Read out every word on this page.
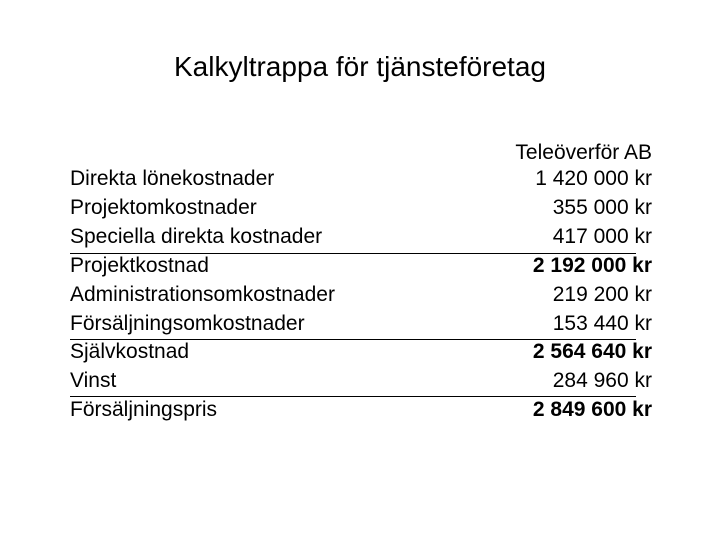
Kalkyltrappa för tjänsteföretag
Teleöverför AB
Direkta lönekostnader	1 420 000 kr
Projektomkostnader	355 000 kr
Speciella direkta kostnader	417 000 kr
Projektkostnad	2 192 000 kr
Administrationsomkostnader	219 200 kr
Försäljningsomkostnader	153 440 kr
Självkostnad	2 564 640 kr
Vinst	284 960 kr
Försäljningspris	2 849 600 kr
